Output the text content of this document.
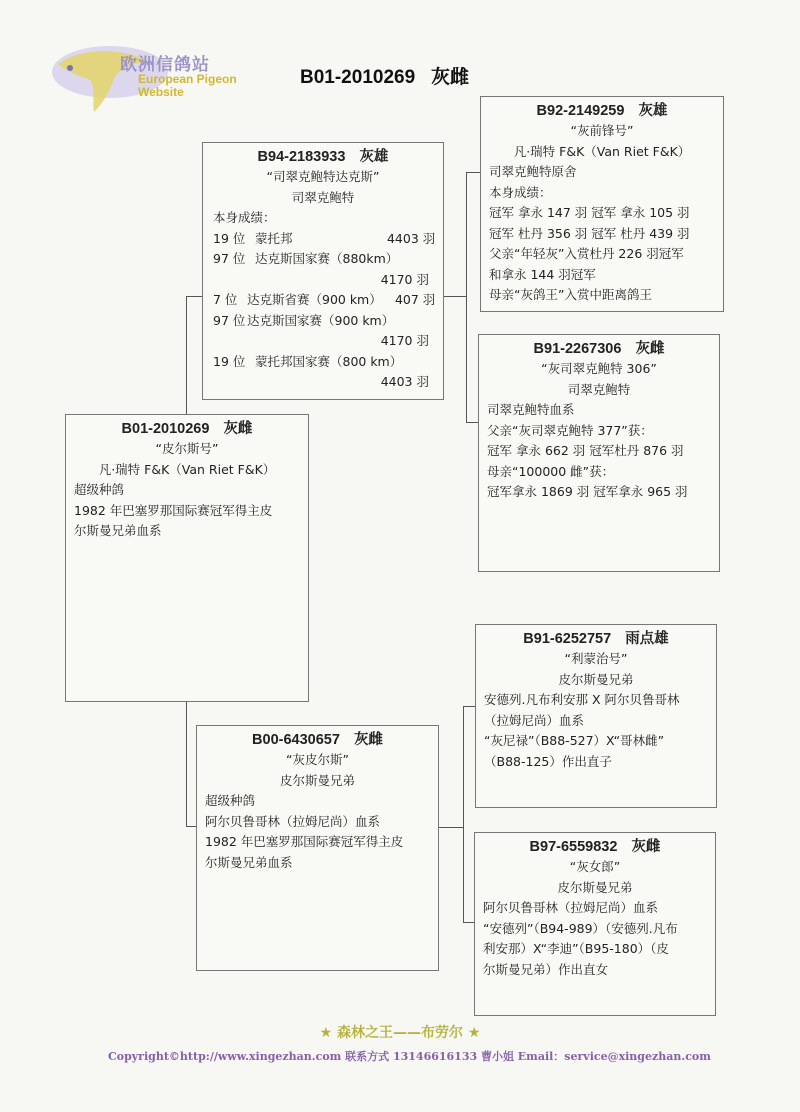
欧洲信鸽站
European Pigeon
Website
B01-2010269 灰雌
B01-2010269 灰雌
“皮尔斯号”
凡·瑞特 F&K（Van Riet F&K）
超级种鸽
1982 年巴塞罗那国际赛冠军得主皮
尔斯曼兄弟血系
B94-2183933 灰雄
“司翠克鲍特达克斯”
司翠克鲍特
本身成绩：
19 位 蒙托邦	4403 羽
97 位 达克斯国家赛（880km）
4170 羽
7 位 达克斯省赛（900 km） 407 羽
97 位 达克斯国家赛（900 km）
4170 羽
19 位 蒙托邦国家赛（800 km）
4403 羽
B92-2149259 灰雄
“灰前锋号”
凡·瑞特 F&K（Van Riet F&K）
司翠克鲍特原舍
本身成绩：
冠军 拿永 147 羽 冠军 拿永 105 羽
冠军 杜丹 356 羽 冠军 杜丹 439 羽
父亲“年轻灰”入赏杜丹 226 羽冠军
和拿永 144 羽冠军
母亲“灰鸽王”入赏中距离鸽王
B91-2267306 灰雌
“灰司翠克鲍特 306”
司翠克鲍特
司翠克鲍特血系
父亲“灰司翠克鲍特 377”获：
冠军 拿永 662 羽 冠军杜丹 876 羽
母亲“100000 雌”获：
冠军拿永 1869 羽 冠军拿永 965 羽
B00-6430657 灰雌
“灰皮尔斯”
皮尔斯曼兄弟
超级种鸽
阿尔贝鲁哥林（拉姆尼尚）血系
1982 年巴塞罗那国际赛冠军得主皮
尔斯曼兄弟血系
B91-6252757 雨点雄
“利蒙治号”
皮尔斯曼兄弟
安德列.凡布利安那 X 阿尔贝鲁哥林
（拉姆尼尚）血系
“灰尼禄”（B88-527）X“哥林雌”
（B88-125）作出直子
B97-6559832 灰雌
“灰女郎”
皮尔斯曼兄弟
阿尔贝鲁哥林（拉姆尼尚）血系
“安德列”（B94-989）（安德列.凡布
利安那）X“李迪”（B95-180）（皮
尔斯曼兄弟）作出直女
★ 森林之王——布劳尔 ★
Copyright©http://www.xingezhan.com 联系方式 13146616133 曹小姐 Email：service@xingezhan.com
